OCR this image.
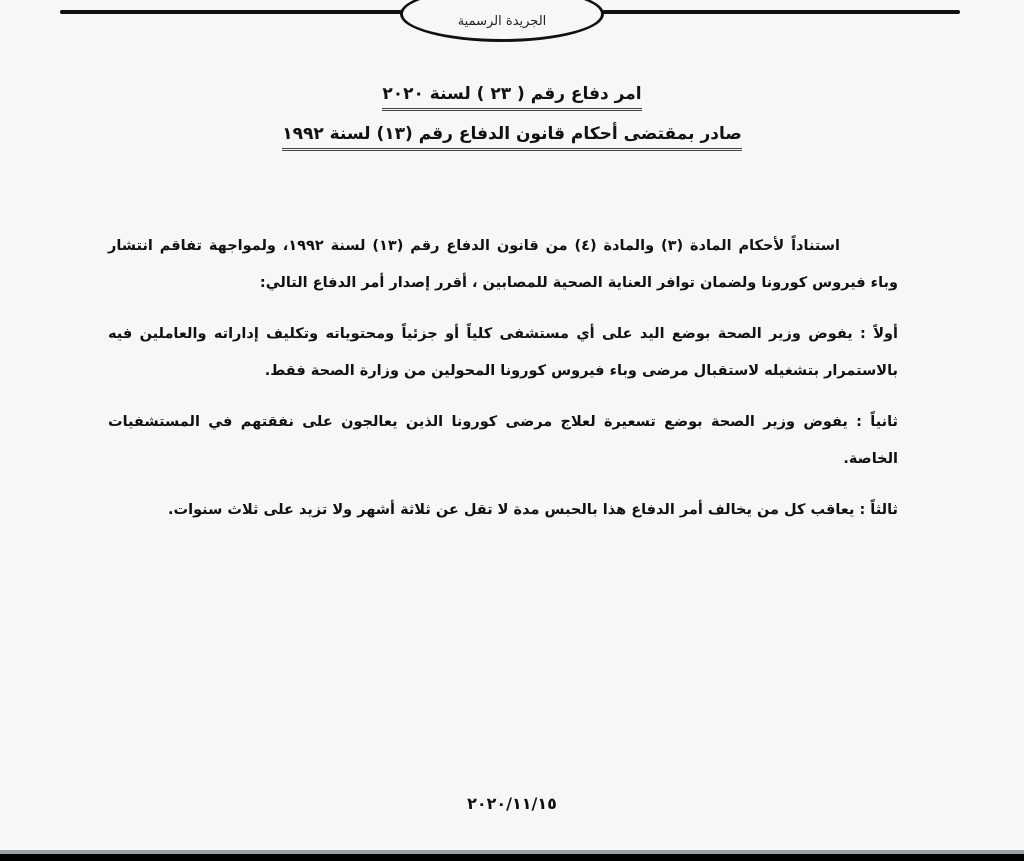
الجريدة الرسمية
امر دفاع رقم ( ٢٣ ) لسنة ٢٠٢٠
صادر بمقتضى أحكام قانون الدفاع رقم (١٣) لسنة ١٩٩٢

استناداً لأحكام المادة (٣) والمادة (٤) من قانون الدفاع رقم (١٣) لسنة ١٩٩٢، ولمواجهة تفاقم انتشار وباء فيروس كورونا ولضمان توافر العناية الصحية للمصابين ، أقرر إصدار أمر الدفاع التالي:

أولاً : يفوض وزير الصحة بوضع اليد على أي مستشفى كلياً أو جزئياً ومحتوياته وتكليف إداراته والعاملين فيه بالاستمرار بتشغيله لاستقبال مرضى وباء فيروس كورونا المحولين من وزارة الصحة فقط.

ثانياً : يفوض وزير الصحة بوضع تسعيرة لعلاج مرضى كورونا الذين يعالجون على نفقتهم في المستشفيات الخاصة.

ثالثاً : يعاقب كل من يخالف أمر الدفاع هذا بالحبس مدة لا تقل عن ثلاثة أشهر ولا تزيد على ثلاث سنوات.

٢٠٢٠/١١/١٥
